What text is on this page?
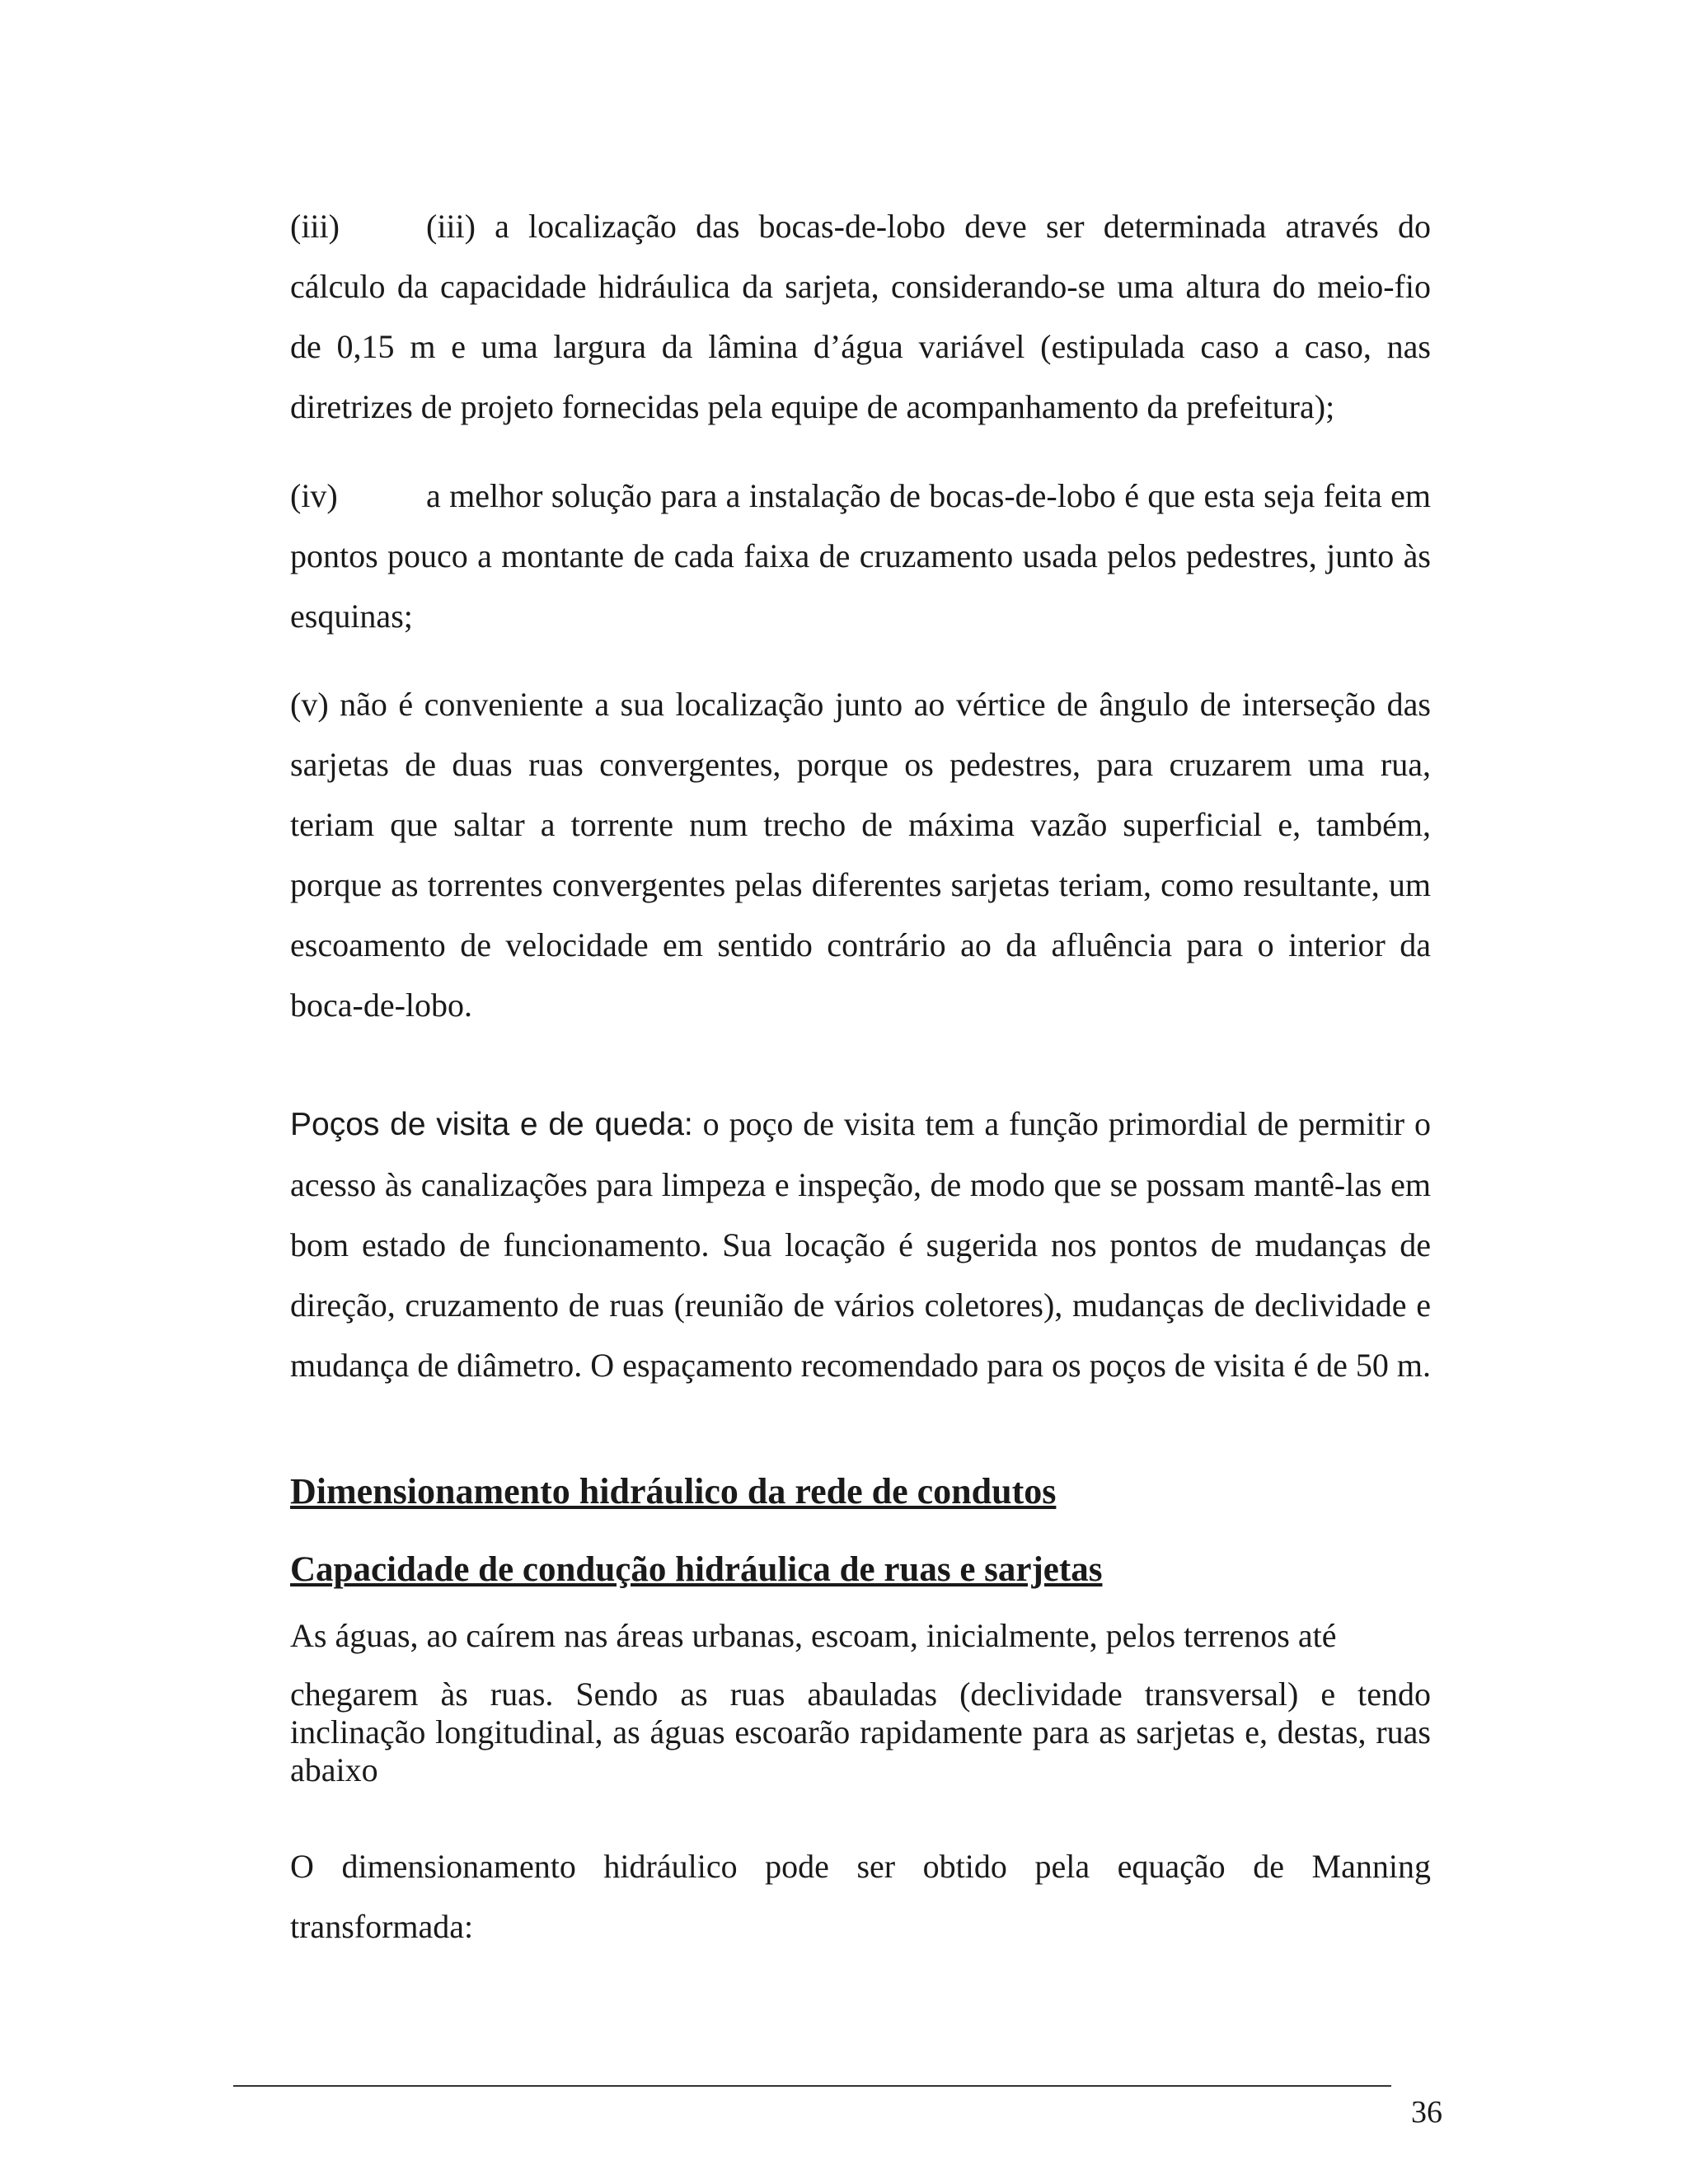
(iii)	(iii) a localização das bocas-de-lobo deve ser determinada através do cálculo da capacidade hidráulica da sarjeta, considerando-se uma altura do meio-fio de 0,15 m e uma largura da lâmina d’água variável (estipulada caso a caso, nas diretrizes de projeto fornecidas pela equipe de acompanhamento da prefeitura);

(iv)	a melhor solução para a instalação de bocas-de-lobo é que esta seja feita em pontos pouco a montante de cada faixa de cruzamento usada pelos pedestres, junto às esquinas;

(v) não é conveniente a sua localização junto ao vértice de ângulo de interseção das sarjetas de duas ruas convergentes, porque os pedestres, para cruzarem uma rua, teriam que saltar a torrente num trecho de máxima vazão superficial e, também, porque as torrentes convergentes pelas diferentes sarjetas teriam, como resultante, um escoamento de velocidade em sentido contrário ao da afluência para o interior da boca-de-lobo.

Poços de visita e de queda: o poço de visita tem a função primordial de permitir o acesso às canalizações para limpeza e inspeção, de modo que se possam mantê-las em bom estado de funcionamento. Sua locação é sugerida nos pontos de mudanças de direção, cruzamento de ruas (reunião de vários coletores), mudanças de declividade e mudança de diâmetro. O espaçamento recomendado para os poços de visita é de 50 m.

Dimensionamento hidráulico da rede de condutos
Capacidade de condução hidráulica de ruas e sarjetas

As águas, ao caírem nas áreas urbanas, escoam, inicialmente, pelos terrenos até

chegarem às ruas. Sendo as ruas abauladas (declividade transversal) e tendo inclinação longitudinal, as águas escoarão rapidamente para as sarjetas e, destas, ruas abaixo

O dimensionamento hidráulico pode ser obtido pela equação de Manning transformada:

36
